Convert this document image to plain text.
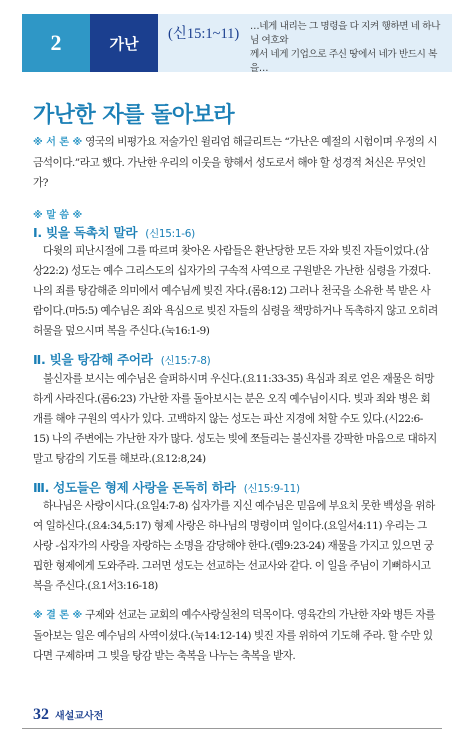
2	가난
(신15:1~11) …네게 내리는 그 명령을 다 지켜 행하면 네 하나님 여호와
께서 네게 기업으로 주신 땅에서 네가 반드시 복을…
가난한 자를 돌아보라

※ 서 론 ※ 영국의 비평가요 저술가인 윌리엄 해글리트는 “가난은 예절의 시험이며 우정의 시금석이다.”라고 했다. 가난한 우리의 이웃을 향해서 성도로서 해야 할 성경적 처신은 무엇인가?

※ 말 씀 ※

Ⅰ. 빚을 독촉치 말라 (신15:1-6)

다윗의 피난시절에 그를 따르며 찾아온 사람들은 환난당한 모든 자와 빚진 자들이었다.(삼상22:2) 성도는 예수 그리스도의 십자가의 구속적 사역으로 구원받은 가난한 심령을 가졌다. 나의 죄를 탕감해준 의미에서 예수님께 빚진 자다.(롬8:12) 그러나 천국을 소유한 복 받은 사람이다.(마5:5) 예수님은 죄와 욕심으로 빚진 자들의 심령을 책망하거나 독촉하지 않고 오히려 허물을 덮으시며 복을 주신다.(눅16:1-9)

Ⅱ. 빚을 탕감해 주어라 (신15:7-8)

불신자를 보시는 예수님은 슬퍼하시며 우신다.(요11:33-35) 욕심과 죄로 얻은 재물은 허망하게 사라진다.(롬6:23) 가난한 자를 돌아보시는 분은 오직 예수님이시다. 빚과 죄와 병은 회개를 해야 구원의 역사가 있다. 고백하지 않는 성도는 파산 지경에 처할 수도 있다.(시22:6-15) 나의 주변에는 가난한 자가 많다. 성도는 빚에 쪼들리는 불신자를 강팍한 마음으로 대하지 말고 탕감의 기도를 해보라.(요12:8,24)

Ⅲ. 성도들은 형제 사랑을 돈독히 하라 (신15:9-11)

하나님은 사랑이시다.(요일4:7-8) 십자가를 지신 예수님은 믿음에 부요치 못한 백성을 위하여 일하신다.(요4:34,5:17) 형제 사랑은 하나님의 명령이며 일이다.(요일서4:11) 우리는 그 사랑 -십자가의 사랑을 자랑하는 소명을 감당해야 한다.(렘9:23-24) 재물을 가지고 있으면 궁핍한 형제에게 도와주라. 그러면 성도는 선교하는 선교사와 같다. 이 일을 주님이 기뻐하시고 복을 주신다.(요1서3:16-18)

※ 결 론 ※ 구제와 선교는 교회의 예수사랑실천의 덕목이다. 영육간의 가난한 자와 병든 자를 돌아보는 일은 예수님의 사역이셨다.(눅14:12-14) 빚진 자를 위하여 기도해 주라. 할 수만 있다면 구제하며 그 빚을 탕감 받는 축복을 나누는 축복을 받자.

32 새설교사전
